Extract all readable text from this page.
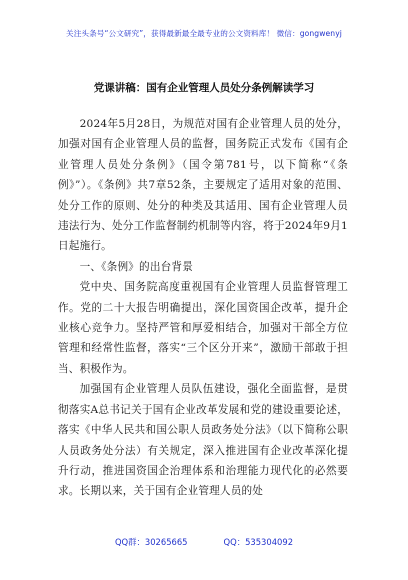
关注头条号“公文研究”，获得最新最全最专业的公文资料库！ 微信：gongwenyj
党课讲稿：国有企业管理人员处分条例解读学习

2024年5月28日，为规范对国有企业管理人员的处分，加强对国有企业管理人员的监督，国务院正式发布《国有企业管理人员处分条例》（国令第781号，以下简称“《条例》”）。《条例》共7章52条，主要规定了适用对象的范围、处分工作的原则、处分的种类及其适用、国有企业管理人员违法行为、处分工作监督制约机制等内容，将于2024年9月1日起施行。

一、《条例》的出台背景

党中央、国务院高度重视国有企业管理人员监督管理工作。党的二十大报告明确提出，深化国资国企改革，提升企业核心竞争力。坚持严管和厚爱相结合，加强对干部全方位管理和经常性监督，落实“三个区分开来”，激励干部敢于担当、积极作为。

加强国有企业管理人员队伍建设，强化全面监督，是贯彻落实A总书记关于国有企业改革发展和党的建设重要论述，落实《中华人民共和国公职人员政务处分法》（以下简称公职人员政务处分法）有关规定，深入推进国有企业改革深化提升行动，推进国资国企治理体系和治理能力现代化的必然要求。长期以来，关于国有企业管理人员的处

QQ群：30265665	QQ：535304092
